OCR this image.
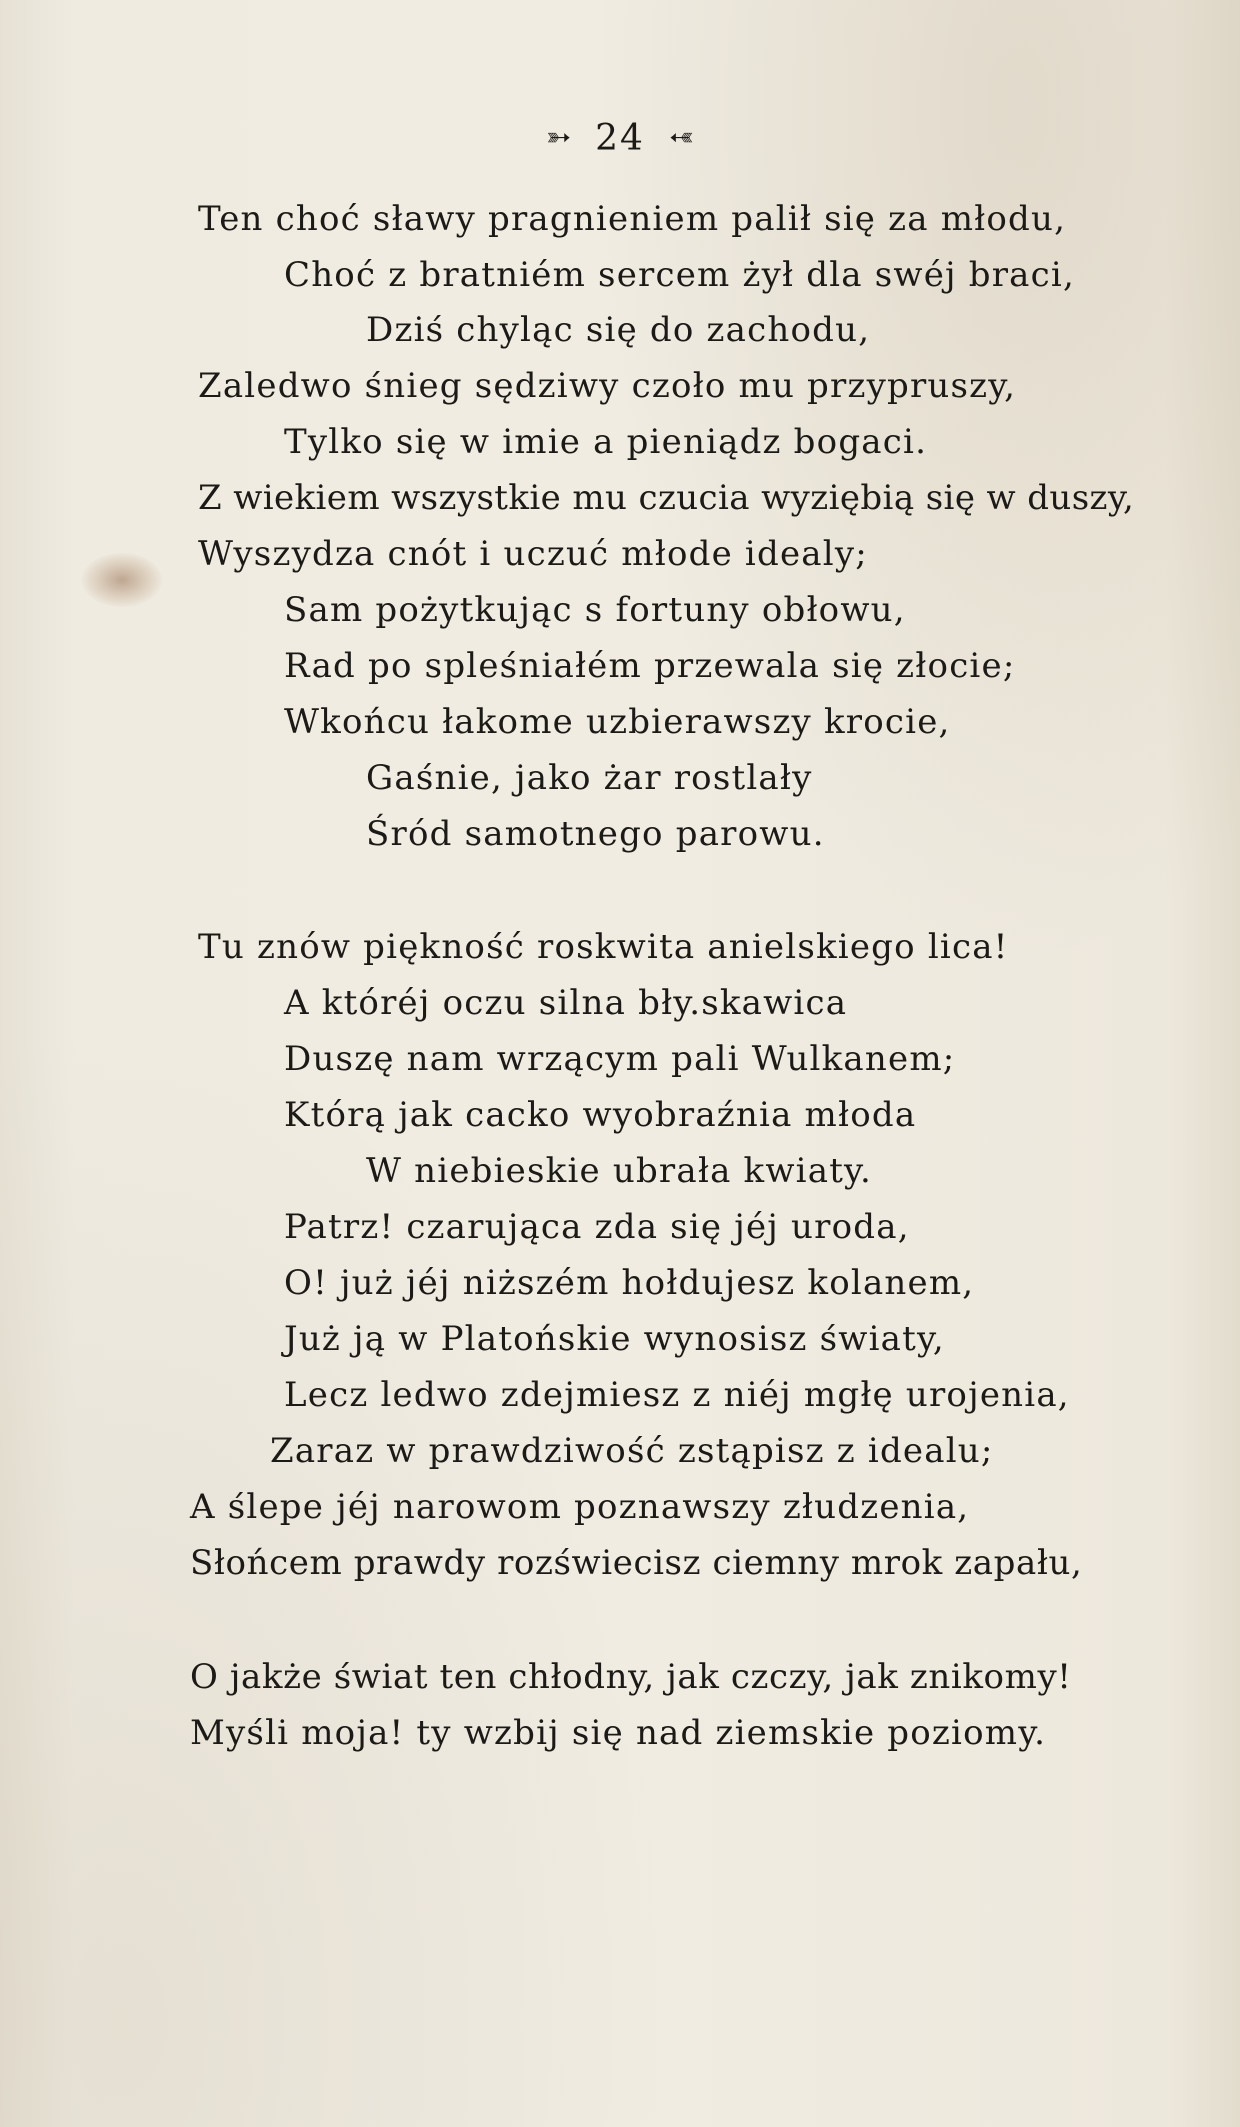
➳ 24 ➳
Ten choć sławy pragnieniem palił się za młodu,
Choć z bratniém sercem żył dla swéj braci,
Dziś chyląc się do zachodu,
Zaledwo śnieg sędziwy czoło mu przypruszy,
Tylko się w imie a pieniądz bogaci.
Z wiekiem wszystkie mu czucia wyziębią się w duszy,
Wyszydza cnót i uczuć młode idealy;
Sam pożytkując s fortuny obłowu,
Rad po spleśniałém przewala się złocie;
Wkońcu łakome uzbierawszy krocie,
Gaśnie, jako żar rostlały
Śród samotnego parowu.
Tu znów piękność roskwita anielskiego lica!
A któréj oczu silna bły.skawica
Duszę nam wrzącym pali Wulkanem;
Którą jak cacko wyobraźnia młoda
W niebieskie ubrała kwiaty.
Patrz! czarująca zda się jéj uroda,
O! już jéj niższém hołdujesz kolanem,
Już ją w Platońskie wynosisz światy,
Lecz ledwo zdejmiesz z niéj mgłę urojenia,
Zaraz w prawdziwość zstąpisz z idealu;
A ślepe jéj narowom poznawszy złudzenia,
Słońcem prawdy rozświecisz ciemny mrok zapału,
O jakże świat ten chłodny, jak czczy, jak znikomy!
Myśli moja! ty wzbij się nad ziemskie poziomy.
